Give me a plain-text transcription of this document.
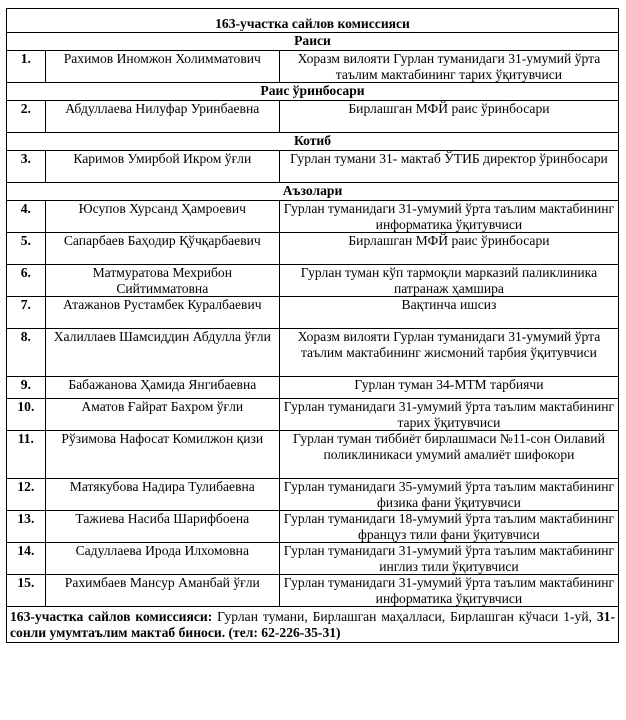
163-участка сайлов комиссияси		
Раиси		
1.	Рахимов Иномжон Холимматович	Хоразм вилояти Гурлан туманидаги 31-умумий ўрта таълим мактабининг тарих ўқитувчиси
Раис ўринбосари		
2.	Абдуллаева Нилуфар Уринбаевна	Бирлашган МФЙ раис ўринбосари
Котиб		
3.	Каримов Умирбой Икром ўғли	Гурлан тумани 31- мактаб ЎТИБ директор ўринбосари
Аъзолари		
4.	Юсупов Хурсанд Ҳамроевич	Гурлан туманидаги 31-умумий ўрта таълим мактабининг информатика ўқитувчиси
5.	Сапарбаев Баҳодир Қўчқарбаевич	Бирлашган МФЙ раис ўринбосари
6.	Матмуратова Мехрибон Сийтимматовна	Гурлан туман кўп тармоқли марказий паликлиника патранаж ҳамшира
7.	Атажанов Рустамбек Куралбаевич	Вақтинча ишсиз
8.	Халиллаев Шамсиддин Абдулла ўғли	Хоразм вилояти Гурлан туманидаги 31-умумий ўрта таълим мактабининг жисмоний тарбия ўқитувчиси
9.	Бабажанова Ҳамида Янгибаевна	Гурлан туман 34-МТМ тарбиячи
10.	Аматов Ғайрат Бахром ўғли	Гурлан туманидаги 31-умумий ўрта таълим мактабининг тарих ўқитувчиси
11.	Рўзимова Нафосат Комилжон қизи	Гурлан туман тиббиёт бирлашмаси №11-сон Оилавий поликлиникаси умумий амалиёт шифокори
12.	Матякубова Надира Тулибаевна	Гурлан туманидаги 35-умумий ўрта таълим мактабининг физика фани ўқитувчиси
13.	Тажиева Насиба Шарифбоена	Гурлан туманидаги 18-умумий ўрта таълим мактабининг француз тили фани ўқитувчиси
14.	Садуллаева Ирода Илхомовна	Гурлан туманидаги 31-умумий ўрта таълим мактабининг инглиз тили ўқитувчиси
15.	Рахимбаев Мансур Аманбай ўғли	Гурлан туманидаги 31-умумий ўрта таълим мактабининг информатика ўқитувчиси
163-участка сайлов комиссияси: Гурлан тумани, Бирлашган маҳалласи, Бирлашган кўчаси 1-уй, 31-сонли умумтаълим мактаб биноси. (тел: 62-226-35-31)		
